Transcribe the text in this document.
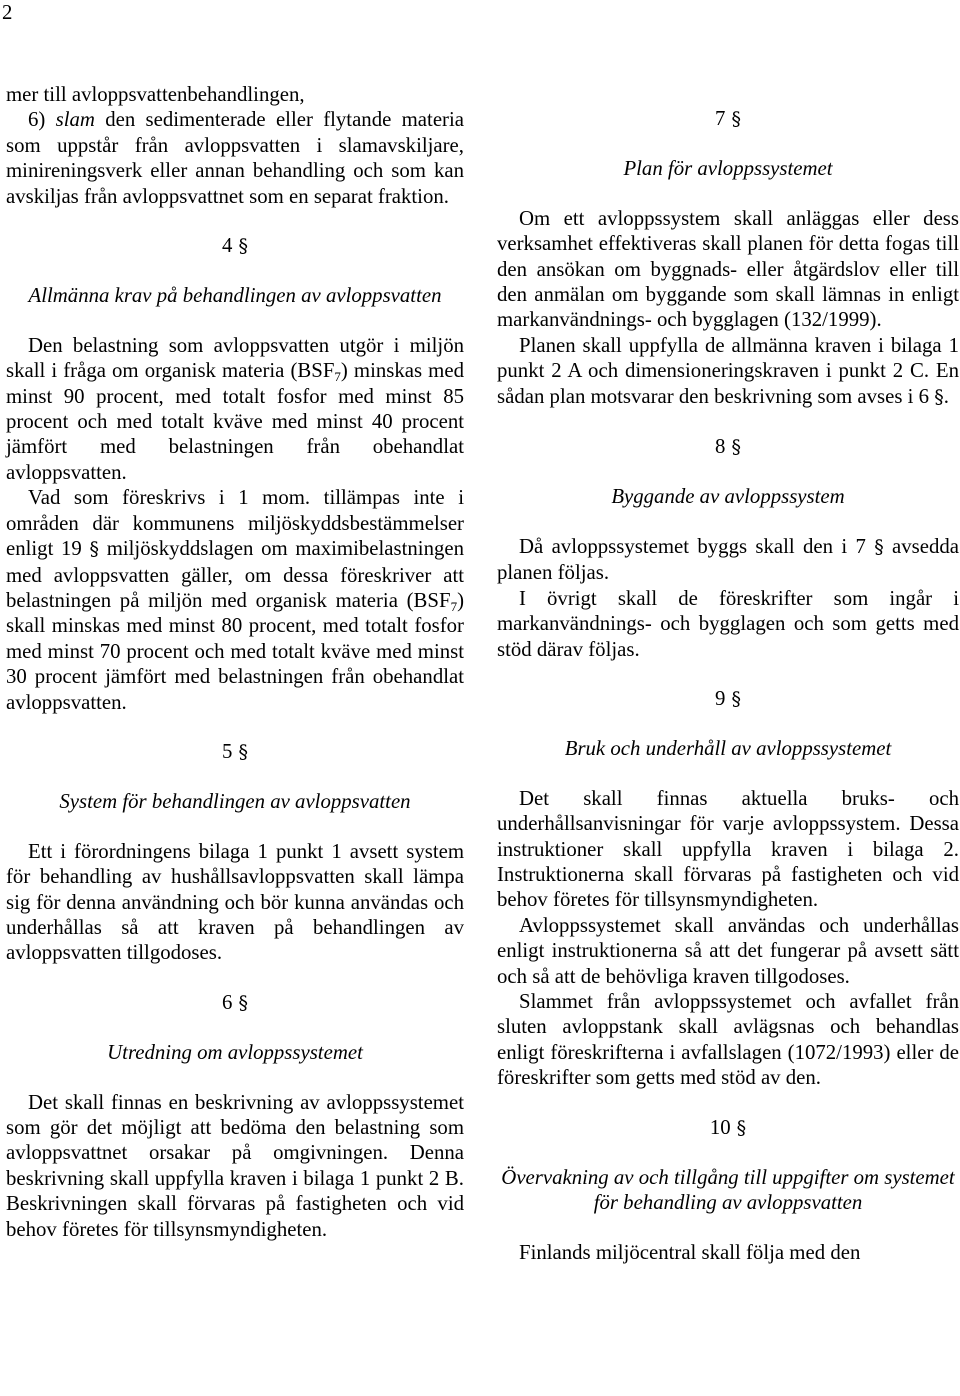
2

mer till avloppsvattenbehandlingen,

6) slam den sedimenterade eller flytande materia som uppstår från avloppsvatten i slamavskiljare, minireningsverk eller annan behandling och som kan avskiljas från avloppsvattnet som en separat fraktion.

4 §

Allmänna krav på behandlingen av avloppsvatten

Den belastning som avloppsvatten utgör i miljön skall i fråga om organisk materia $(BSF_7)$ minskas med minst 90 procent, med totalt fosfor med minst 85 procent och med totalt kväve med minst 40 procent jämfört med belastningen från obehandlat avloppsvatten.

Vad som föreskrivs i 1 mom. tillämpas inte i områden där kommunens miljöskyddsbestämmelser enligt 19 § miljöskyddslagen om maximibelastningen med avloppsvatten gäller, om dessa föreskriver att belastningen på miljön med organisk materia $(BSF_7)$ skall minskas med minst 80 procent, med totalt fosfor med minst 70 procent och med totalt kväve med minst 30 procent jämfört med belastningen från obehandlat avloppsvatten.

5 §

System för behandlingen av avloppsvatten

Ett i förordningens bilaga 1 punkt 1 avsett system för behandling av hushållsavloppsvatten skall lämpa sig för denna användning och bör kunna användas och underhållas så att kraven på behandlingen av avloppsvatten tillgodoses.

6 §

Utredning om avloppssystemet

Det skall finnas en beskrivning av avloppssystemet som gör det möjligt att bedöma den belastning som avloppsvattnet orsakar på omgivningen. Denna beskrivning skall uppfylla kraven i bilaga 1 punkt 2 B. Beskrivningen skall förvaras på fastigheten och vid behov företes för tillsynsmyndigheten.

7 §

Plan för avloppssystemet

Om ett avloppssystem skall anläggas eller dess verksamhet effektiveras skall planen för detta fogas till den ansökan om byggnads- eller åtgärdslov eller till den anmälan om byggande som skall lämnas in enligt markanvändnings- och bygglagen (132/1999).

Planen skall uppfylla de allmänna kraven i bilaga 1 punkt 2 A och dimensioneringskraven i punkt 2 C. En sådan plan motsvarar den beskrivning som avses i 6 §.

8 §

Byggande av avloppssystem

Då avloppssystemet byggs skall den i 7 § avsedda planen följas.

I övrigt skall de föreskrifter som ingår i markanvändnings- och bygglagen och som getts med stöd därav följas.

9 §

Bruk och underhåll av avloppssystemet

Det skall finnas aktuella bruks- och underhållsanvisningar för varje avloppssystem. Dessa instruktioner skall uppfylla kraven i bilaga 2. Instruktionerna skall förvaras på fastigheten och vid behov företes för tillsynsmyndigheten.

Avloppssystemet skall användas och underhållas enligt instruktionerna så att det fungerar på avsett sätt och så att de behövliga kraven tillgodoses.

Slammet från avloppssystemet och avfallet från sluten avloppstank skall avlägsnas och behandlas enligt föreskrifterna i avfallslagen (1072/1993) eller de föreskrifter som getts med stöd av den.

10 §

Övervakning av och tillgång till uppgifter om systemet för behandling av avloppsvatten

Finlands miljöcentral skall följa med den
